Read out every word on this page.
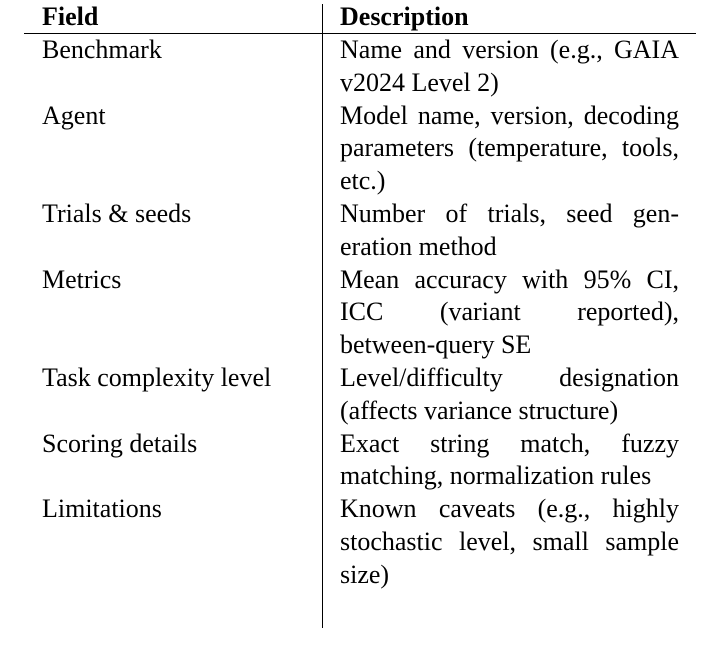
Field	Description
Benchmark	Name and version (e.g., GAIA v2024 Level 2)
Agent	Model name, version, decoding parameters (temperature, tools, etc.)
Trials & seeds	Number of trials, seed generation method
Metrics	Mean accuracy with 95% CI, ICC (variant reported), between-query SE
Task complexity level	Level/difficulty designation (affects variance structure)
Scoring details	Exact string match, fuzzy matching, normalization rules
Limitations	Known caveats (e.g., highly stochastic level, small sample size)
